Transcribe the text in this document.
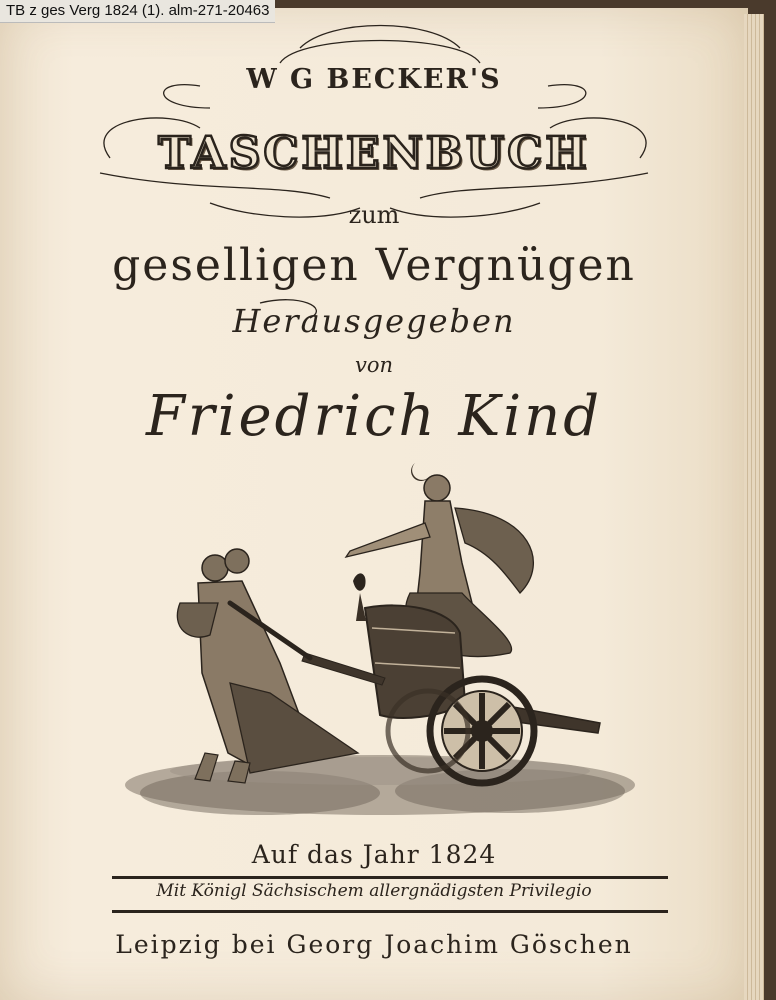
W G BECKER'S
TASCHENBUCH
zum
geselligen Vergnügen
Herausgegeben
von
Friedrich Kind
Auf das Jahr 1824
Mit Königl Sächsischem allergnädigsten Privilegio
Leipzig bei Georg Joachim Göschen
TB z ges Verg 1824 (1). alm-271-20463
